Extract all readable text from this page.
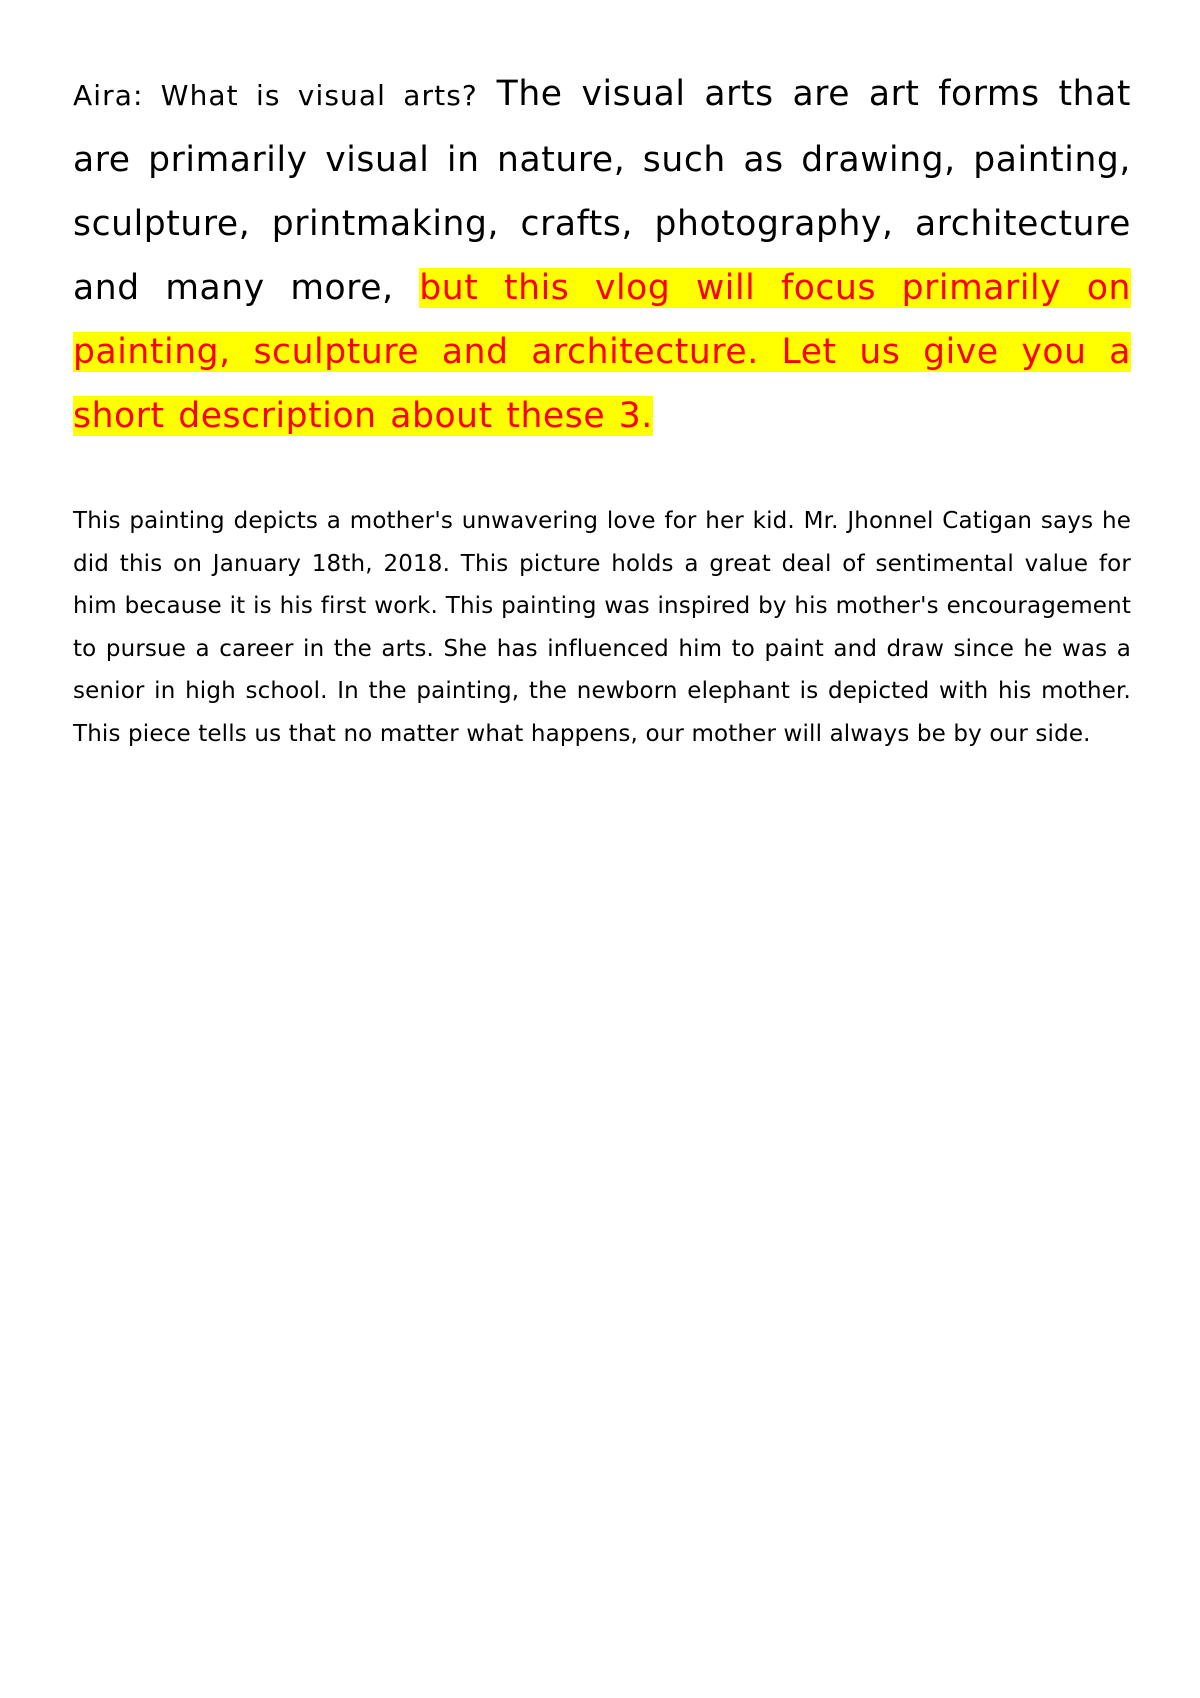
Aira: What is visual arts? The visual arts are art forms that are primarily visual in nature, such as drawing, painting, sculpture, printmaking, crafts, photography, architecture and many more, but this vlog will focus primarily on painting, sculpture and architecture. Let us give you a short description about these 3.

This painting depicts a mother's unwavering love for her kid. Mr. Jhonnel Catigan says he did this on January 18th, 2018. This picture holds a great deal of sentimental value for him because it is his first work. This painting was inspired by his mother's encouragement to pursue a career in the arts. She has influenced him to paint and draw since he was a senior in high school. In the painting, the newborn elephant is depicted with his mother. This piece tells us that no matter what happens, our mother will always be by our side.
